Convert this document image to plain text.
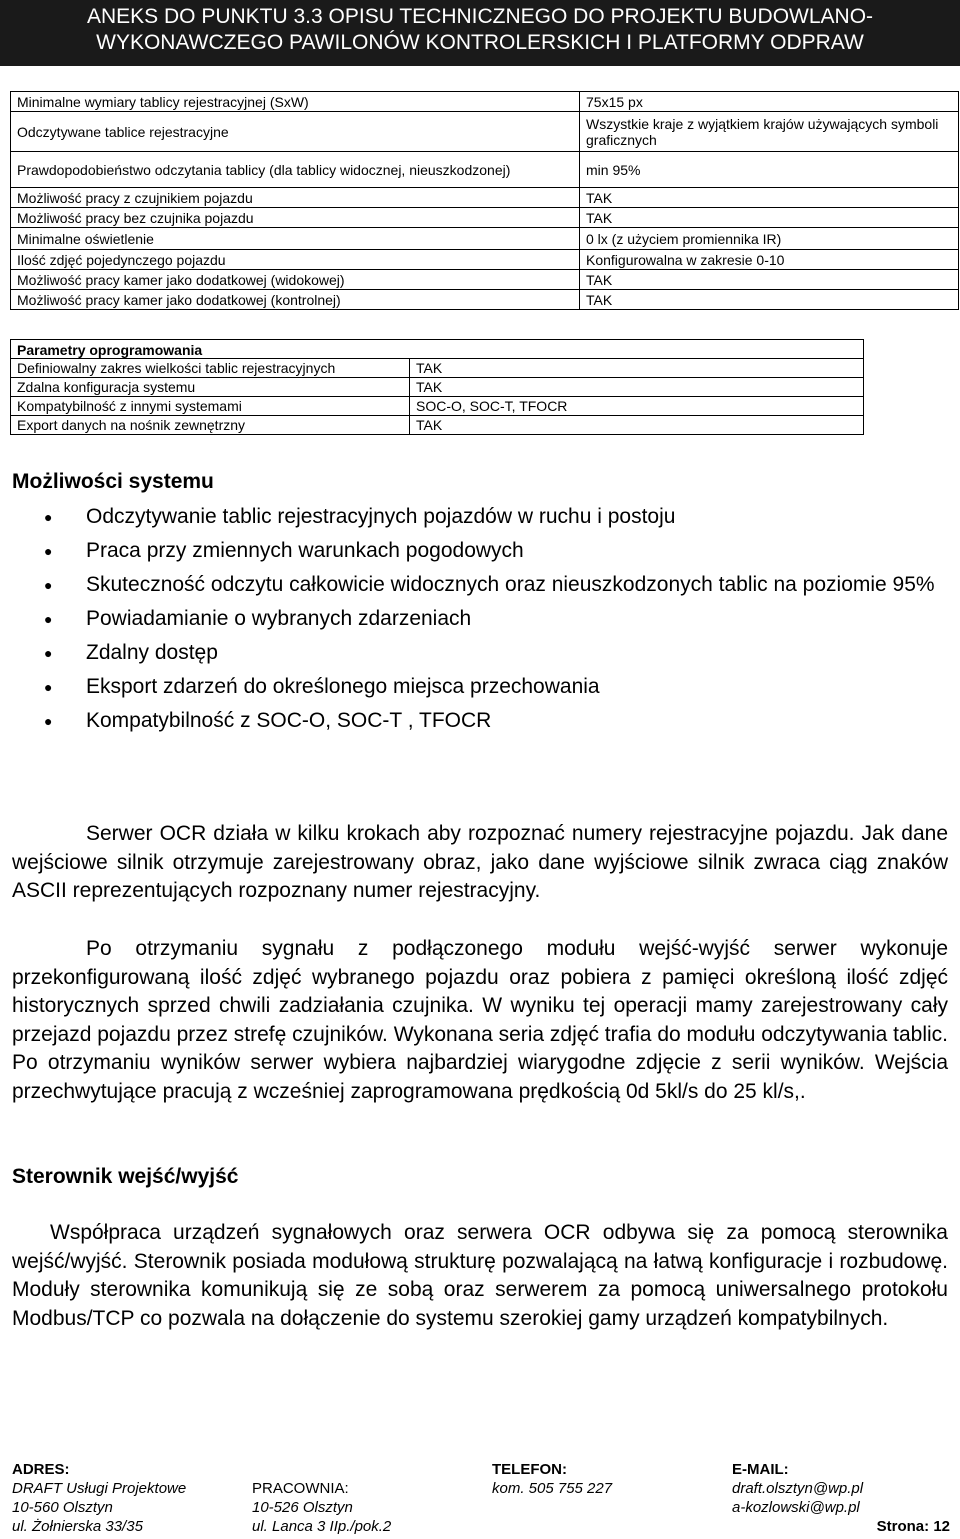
ANEKS DO PUNKTU 3.3 OPISU TECHNICZNEGO DO PROJEKTU BUDOWLANO-
WYKONAWCZEGO PAWILONÓW KONTROLERSKICH I PLATFORMY ODPRAW
Minimalne wymiary tablicy rejestracyjnej (SxW)	75x15 px
Odczytywane tablice rejestracyjne	Wszystkie kraje z wyjątkiem krajów używających symboli graficznych
Prawdopodobieństwo odczytania tablicy (dla tablicy widocznej, nieuszkodzonej)	min 95%
Możliwość pracy z czujnikiem pojazdu	TAK
Możliwość pracy bez czujnika pojazdu	TAK
Minimalne oświetlenie	0 lx (z użyciem promiennika IR)
Ilość zdjęć pojedynczego pojazdu	Konfigurowalna w zakresie 0-10
Możliwość pracy kamer jako dodatkowej (widokowej)	TAK
Możliwość pracy kamer jako dodatkowej (kontrolnej)	TAK
Parametry oprogramowania	
Definiowalny zakres wielkości tablic rejestracyjnych	TAK
Zdalna konfiguracja systemu	TAK
Kompatybilność z innymi systemami	SOC-O, SOC-T, TFOCR
Export danych na nośnik zewnętrzny	TAK
Możliwości systemu
● Odczytywanie tablic rejestracyjnych pojazdów w ruchu i postoju
● Praca przy zmiennych warunkach pogodowych
● Skuteczność odczytu całkowicie widocznych oraz nieuszkodzonych tablic na poziomie 95%
● Powiadamianie o wybranych zdarzeniach
● Zdalny dostęp
● Eksport zdarzeń do określonego miejsca przechowania
● Kompatybilność z SOC-O, SOC-T , TFOCR
Serwer OCR działa w kilku krokach aby rozpoznać numery rejestracyjne pojazdu. Jak dane wejściowe silnik otrzymuje zarejestrowany obraz, jako dane wyjściowe silnik zwraca ciąg znaków ASCII reprezentujących rozpoznany numer rejestracyjny.
Po otrzymaniu sygnału z podłączonego modułu wejść-wyjść serwer wykonuje przekonfigurowaną ilość zdjęć wybranego pojazdu oraz pobiera z pamięci określoną ilość zdjęć historycznych sprzed chwili zadziałania czujnika. W wyniku tej operacji mamy zarejestrowany cały przejazd pojazdu przez strefę czujników. Wykonana seria zdjęć trafia do modułu odczytywania tablic. Po otrzymaniu wyników serwer wybiera najbardziej wiarygodne zdjęcie z serii wyników. Wejścia przechwytujące pracują z wcześniej zaprogramowana prędkością 0d 5kl/s do 25 kl/s,.
Sterownik wejść/wyjść
Współpraca urządzeń sygnałowych oraz serwera OCR odbywa się za pomocą sterownika wejść/wyjść. Sterownik posiada modułową strukturę pozwalającą na łatwą konfiguracje i rozbudowę. Moduły sterownika komunikują się ze sobą oraz serwerem za pomocą uniwersalnego protokołu Modbus/TCP co pozwala na dołączenie do systemu szerokiej gamy urządzeń kompatybilnych.
ADRES:
DRAFT Usługi Projektowe
10-560 Olsztyn
ul. Żołnierska 33/35
PRACOWNIA:
10-526 Olsztyn
ul. Lanca 3 IIp./pok.2
TELEFON:
kom. 505 755 227
E-MAIL:
draft.olsztyn@wp.pl
a-kozlowski@wp.pl
Strona: 12
